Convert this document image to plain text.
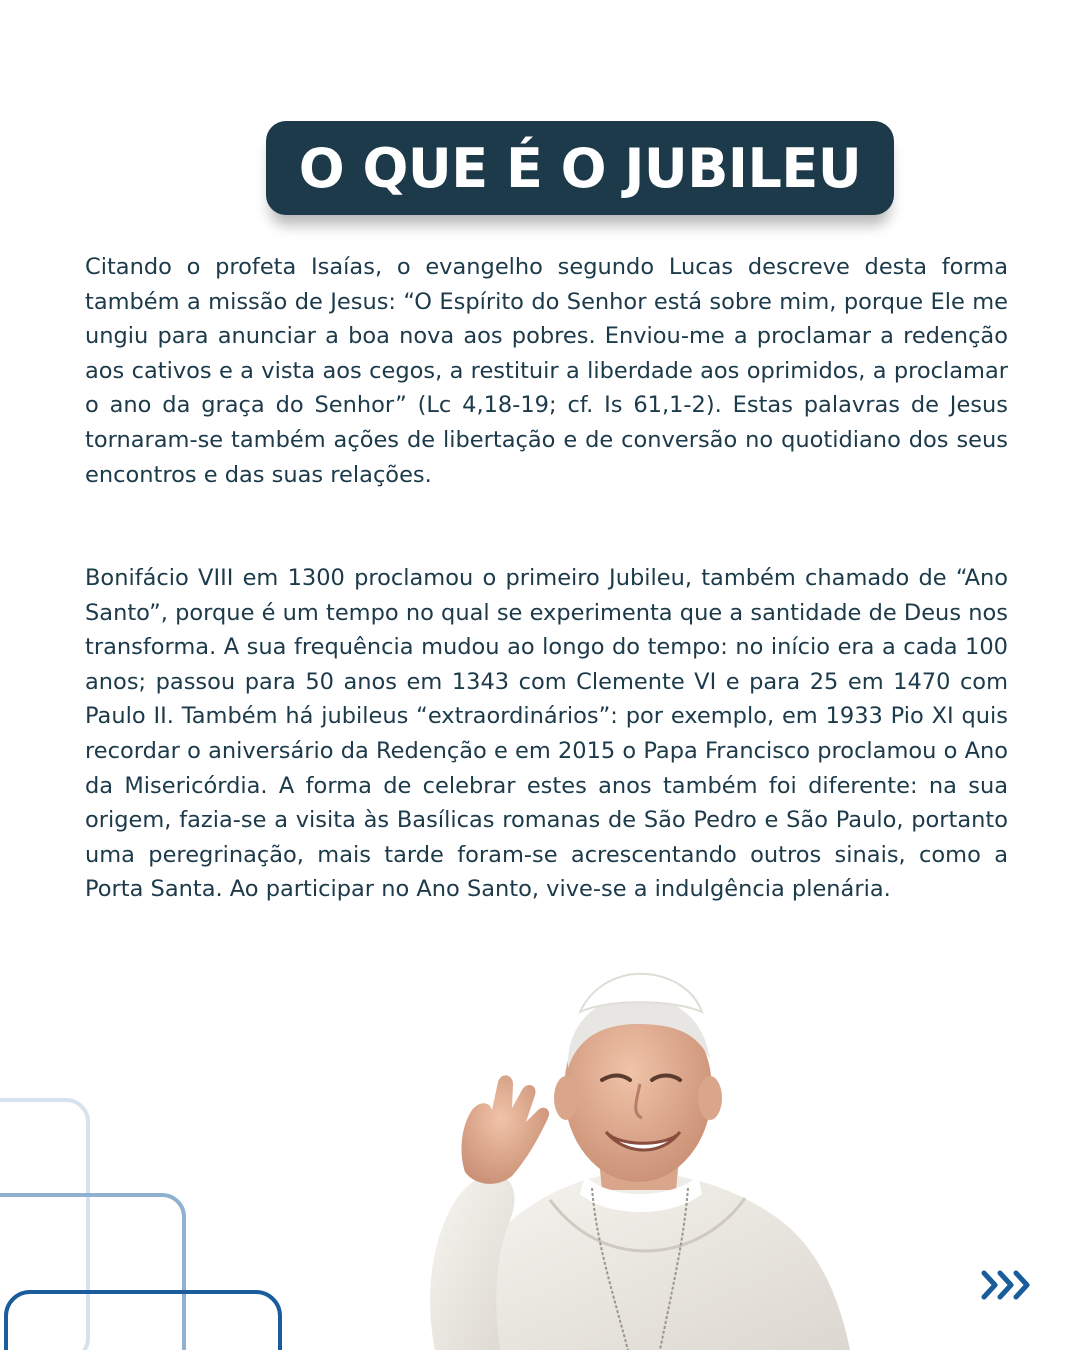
O QUE É O JUBILEU

Citando o profeta Isaías, o evangelho segundo Lucas descreve desta forma também a missão de Jesus: “O Espírito do Senhor está sobre mim, porque Ele me ungiu para anunciar a boa nova aos pobres. Enviou-me a proclamar a redenção aos cativos e a vista aos cegos, a restituir a liberdade aos oprimidos, a proclamar o ano da graça do Senhor” (Lc 4,18-19; cf. Is 61,1-2). Estas palavras de Jesus tornaram-se também ações de libertação e de conversão no quotidiano dos seus encontros e das suas relações.

Bonifácio VIII em 1300 proclamou o primeiro Jubileu, também chamado de “Ano Santo”, porque é um tempo no qual se experimenta que a santidade de Deus nos transforma. A sua frequência mudou ao longo do tempo: no início era a cada 100 anos; passou para 50 anos em 1343 com Clemente VI e para 25 em 1470 com Paulo II. Também há jubileus “extraordinários”: por exemplo, em 1933 Pio XI quis recordar o aniversário da Redenção e em 2015 o Papa Francisco proclamou o Ano da Misericórdia. A forma de celebrar estes anos também foi diferente: na sua origem, fazia-se a visita às Basílicas romanas de São Pedro e São Paulo, portanto uma peregrinação, mais tarde foram-se acrescentando outros sinais, como a Porta Santa. Ao participar no Ano Santo, vive-se a indulgência plenária.
